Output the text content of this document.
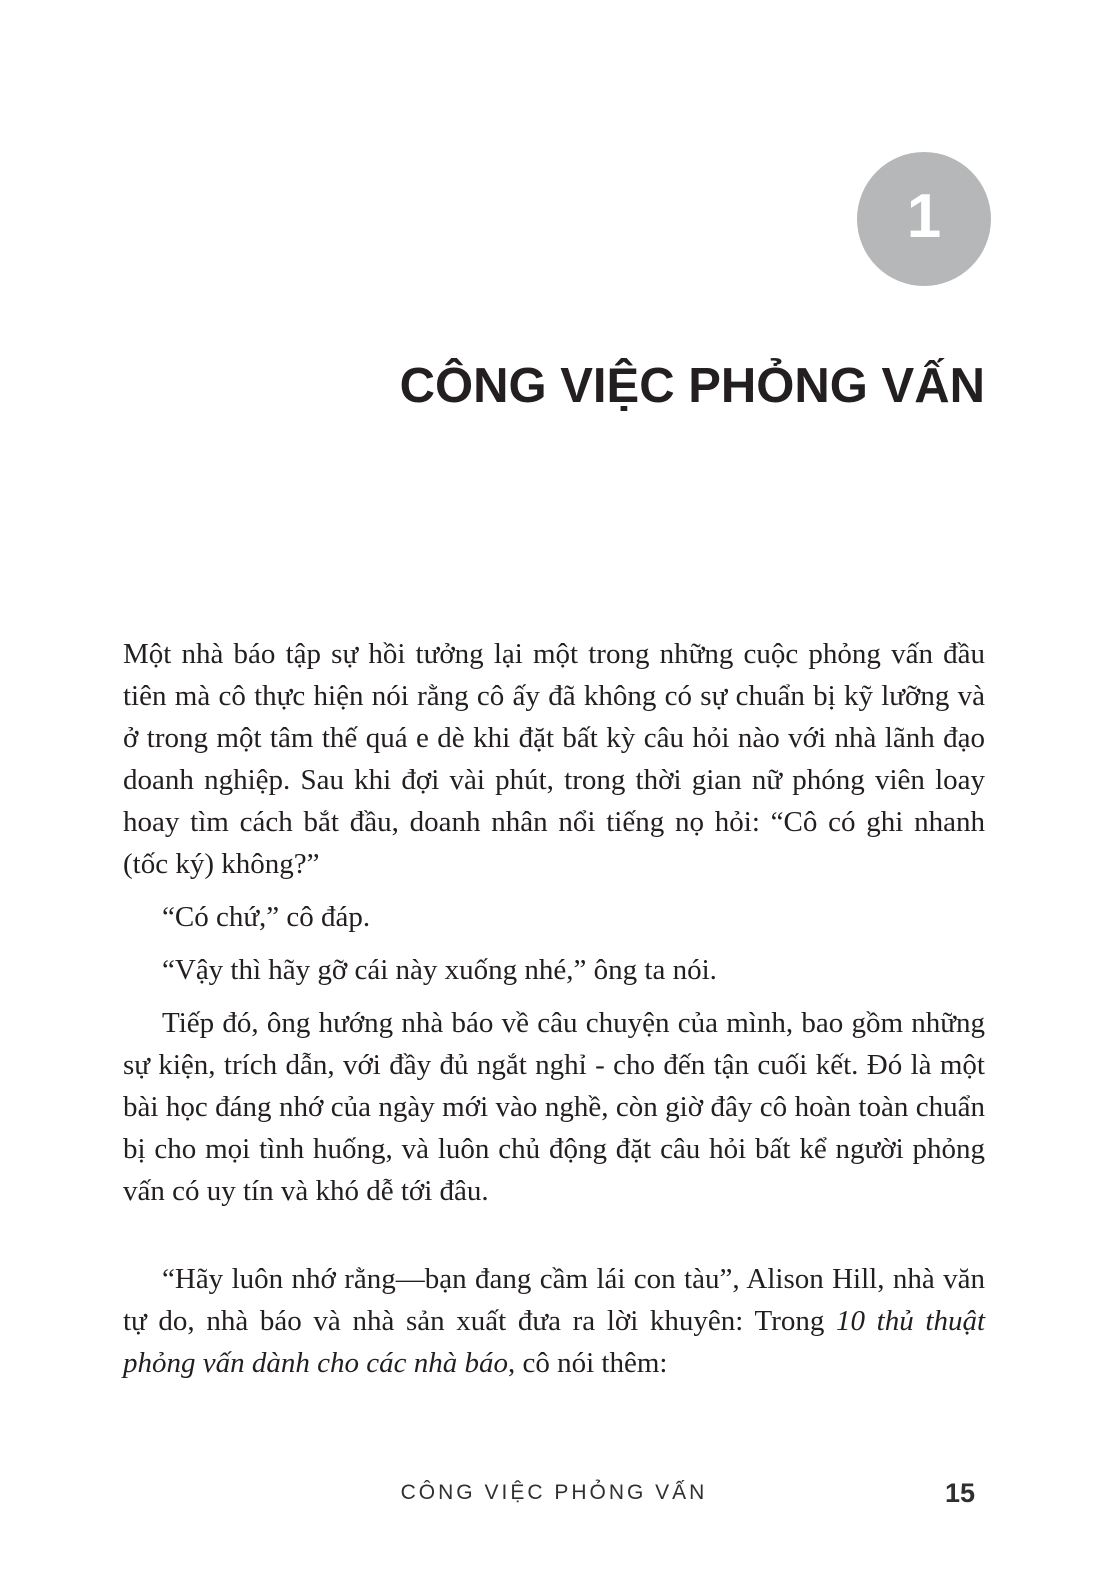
1
CÔNG VIỆC PHỎNG VẤN

Một nhà báo tập sự hồi tưởng lại một trong những cuộc phỏng vấn đầu tiên mà cô thực hiện nói rằng cô ấy đã không có sự chuẩn bị kỹ lưỡng và ở trong một tâm thế quá e dè khi đặt bất kỳ câu hỏi nào với nhà lãnh đạo doanh nghiệp. Sau khi đợi vài phút, trong thời gian nữ phóng viên loay hoay tìm cách bắt đầu, doanh nhân nổi tiếng nọ hỏi: “Cô có ghi nhanh (tốc ký) không?”

“Có chứ,” cô đáp.

“Vậy thì hãy gỡ cái này xuống nhé,” ông ta nói.

Tiếp đó, ông hướng nhà báo về câu chuyện của mình, bao gồm những sự kiện, trích dẫn, với đầy đủ ngắt nghỉ - cho đến tận cuối kết. Đó là một bài học đáng nhớ của ngày mới vào nghề, còn giờ đây cô hoàn toàn chuẩn bị cho mọi tình huống, và luôn chủ động đặt câu hỏi bất kể người phỏng vấn có uy tín và khó dễ tới đâu.

“Hãy luôn nhớ rằng—bạn đang cầm lái con tàu”, Alison Hill, nhà văn tự do, nhà báo và nhà sản xuất đưa ra lời khuyên: Trong 10 thủ thuật phỏng vấn dành cho các nhà báo, cô nói thêm:

CÔNG VIỆC PHỎNG VẤN	15
